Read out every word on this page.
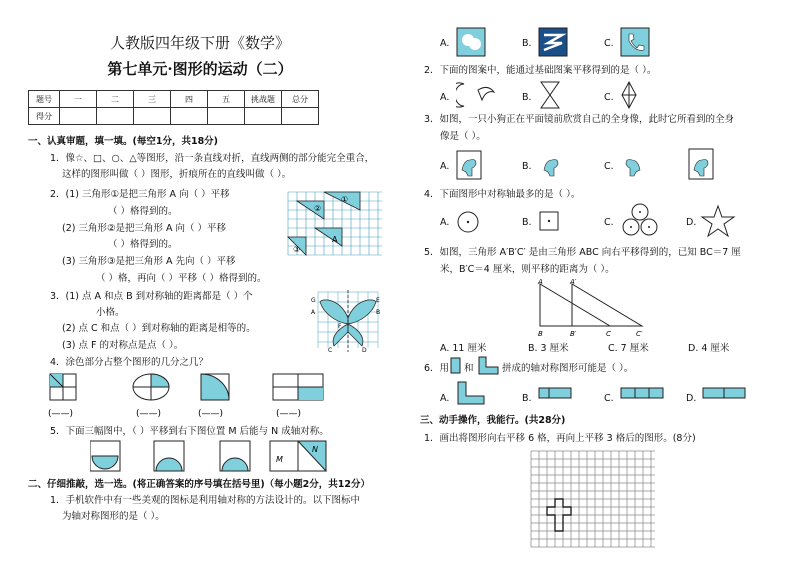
人教版四年级下册《数学》
第七单元·图形的运动（二）
题号	一	二	三	四	五	挑战题	总分
得分							
一、认真审题，填一填。(每空1分，共18分)
1．像☆、□、○、△等图形，沿一条直线对折，直线两侧的部分能完全重合，
这样的图形叫做（ ）图形，折痕所在的直线叫做（ ）。
2．(1) 三角形①是把三角形 A 向（ ）平移
（ ）格得到的。
(2) 三角形②是把三角形 A 向（ ）平移
（ ）格得到的。
(3) 三角形③是把三角形 A 先向（ ）平移
（ ）格，再向（ ）平移（ ）格得到的。
①
②
③
A
3．(1) 点 A 和点 B 到对称轴的距离都是（ ）个
小格。
(2) 点 C 和点（ ）到对称轴的距离是相等的。
(3) 点 F 的对称点是点（ ）。
G
A	B
C	D
E
F
4．涂色部分占整个图形的几分之几？
(——)	(——)	(——)	(——)
5．下面三幅图中，（ ）平移到右下图位置 M 后能与 N 成轴对称。
M
N
二、仔细推敲，选一选。(将正确答案的序号填在括号里)（每小题2分，共12分）
1．手机软件中有一些美观的图标是利用轴对称的方法设计的。以下图标中
为轴对称图形的是（ ）。
A.	B.	C.
2．下面的图案中，能通过基础图案平移得到的是（ ）。
A.	B.	C.
3．如图，一只小狗正在平面镜前欣赏自己的全身像，此时它所看到的全身
像是（ ）。
A.	B.	C.
4．下面图形中对称轴最多的是（ ）。
A.	B.	C.	D.
5．如图，三角形 A′B′C′ 是由三角形 ABC 向右平移得到的，已知 BC＝7 厘
米，B′C＝4 厘米，则平移的距离为（ ）。
A	A′
B	B′	C	C′
A. 11 厘米	B. 3 厘米	C. 7 厘米	D. 4 厘米
6．用 和	拼成的轴对称图形可能是（ ）。
A.	B.	C.	D.
三、动手操作，我能行。(共28分)
1．画出将图形向右平移 6 格，再向上平移 3 格后的图形。(8分)
